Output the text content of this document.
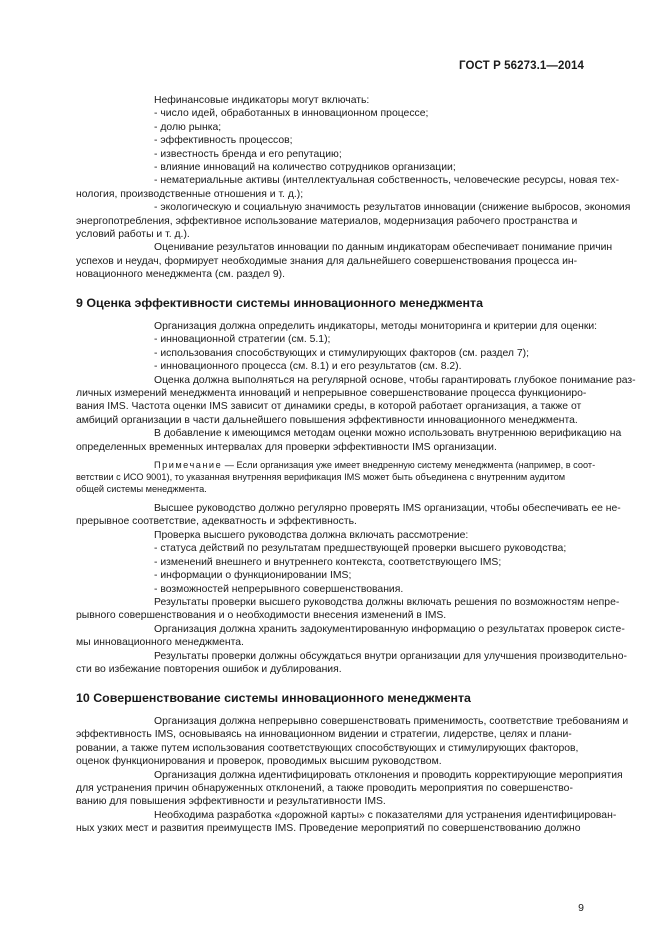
ГОСТ Р 56273.1—2014
Нефинансовые индикаторы могут включать:
- число идей, обработанных в инновационном процессе;
- долю рынка;
- эффективность процессов;
- известность бренда и его репутацию;
- влияние инноваций на количество сотрудников организации;
- нематериальные активы (интеллектуальная собственность, человеческие ресурсы, новая тех-
нология, производственные отношения и т. д.);
- экологическую и социальную значимость результатов инновации (снижение выбросов, экономия
энергопотребления, эффективное использование материалов, модернизация рабочего пространства и
условий работы и т. д.).
Оценивание результатов инновации по данным индикаторам обеспечивает понимание причин
успехов и неудач, формирует необходимые знания для дальнейшего совершенствования процесса ин-
новационного менеджмента (см. раздел 9).
9
9 Оценка эффективности системы инновационного менеджмента
Организация должна определить индикаторы, методы мониторинга и критерии для оценки:
- инновационной стратегии (см. 5.1);
- использования способствующих и стимулирующих факторов (см. раздел 7);
- инновационного процесса (см. 8.1) и его результатов (см. 8.2).
Оценка должна выполняться на регулярной основе, чтобы гарантировать глубокое понимание раз-
личных измерений менеджмента инноваций и непрерывное совершенствование процесса функциониро-
вания IMS. Частота оценки IMS зависит от динамики среды, в которой работает организация, а также от
амбиций организации в части дальнейшего повышения эффективности инновационного менеджмента.
В добавление к имеющимся методам оценки можно использовать внутреннюю верификацию на
определенных временных интервалах для проверки эффективности IMS организации.
Примечание — Если организация уже имеет внедренную систему менеджмента (например, в соот-
ветствии с ИСО 9001), то указанная внутренняя верификация IMS может быть объединена с внутренним аудитом
общей системы менеджмента.
Высшее руководство должно регулярно проверять IMS организации, чтобы обеспечивать ее не-
прерывное соответствие, адекватность и эффективность.
Проверка высшего руководства должна включать рассмотрение:
- статуса действий по результатам предшествующей проверки высшего руководства;
- изменений внешнего и внутреннего контекста, соответствующего IMS;
- информации о функционировании IMS;
- возможностей непрерывного совершенствования.
Результаты проверки высшего руководства должны включать решения по возможностям непре-
рывного совершенствования и о необходимости внесения изменений в IMS.
Организация должна хранить задокументированную информацию о результатах проверок систе-
мы инновационного менеджмента.
Результаты проверки должны обсуждаться внутри организации для улучшения производительно-
сти во избежание повторения ошибок и дублирования.
10 Совершенствование системы инновационного менеджмента
Организация должна непрерывно совершенствовать применимость, соответствие требованиям и
эффективность IMS, основываясь на инновационном видении и стратегии, лидерстве, целях и плани-
ровании, а также путем использования соответствующих способствующих и стимулирующих факторов,
оценок функционирования и проверок, проводимых высшим руководством.
Организация должна идентифицировать отклонения и проводить корректирующие мероприятия
для устранения причин обнаруженных отклонений, а также проводить мероприятия по совершенство-
ванию для повышения эффективности и результативности IMS.
Необходима разработка «дорожной карты» с показателями для устранения идентифицирован-
ных узких мест и развития преимуществ IMS. Проведение мероприятий по совершенствованию должно
